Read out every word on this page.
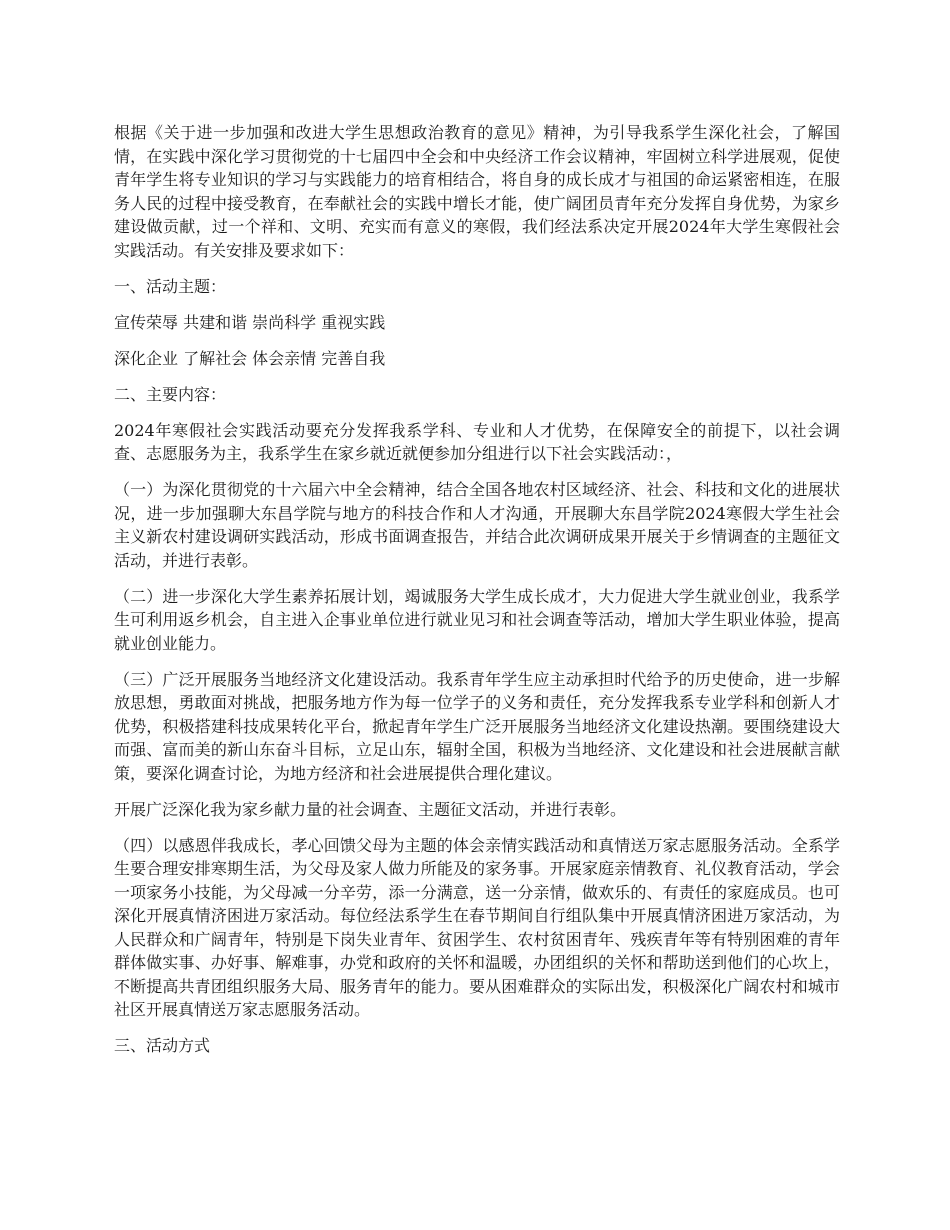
根据《关于进一步加强和改进大学生思想政治教育的意见》精神，为引导我系学生深化社会，了解国情，在实践中深化学习贯彻党的十七届四中全会和中央经济工作会议精神，牢固树立科学进展观，促使青年学生将专业知识的学习与实践能力的培育相结合，将自身的成长成才与祖国的命运紧密相连，在服务人民的过程中接受教育，在奉献社会的实践中增长才能，使广阔团员青年充分发挥自身优势，为家乡建设做贡献，过一个祥和、文明、充实而有意义的寒假，我们经法系决定开展2024年大学生寒假社会实践活动。有关安排及要求如下：

一、活动主题：

宣传荣辱 共建和谐 崇尚科学 重视实践

深化企业 了解社会 体会亲情 完善自我

二、主要内容：

2024年寒假社会实践活动要充分发挥我系学科、专业和人才优势，在保障安全的前提下，以社会调查、志愿服务为主，我系学生在家乡就近就便参加分组进行以下社会实践活动：，

（一）为深化贯彻党的十六届六中全会精神，结合全国各地农村区域经济、社会、科技和文化的进展状况，进一步加强聊大东昌学院与地方的科技合作和人才沟通，开展聊大东昌学院2024寒假大学生社会主义新农村建设调研实践活动，形成书面调查报告，并结合此次调研成果开展关于乡情调查的主题征文活动，并进行表彰。

（二）进一步深化大学生素养拓展计划，竭诚服务大学生成长成才，大力促进大学生就业创业，我系学生可利用返乡机会，自主进入企事业单位进行就业见习和社会调查等活动，增加大学生职业体验，提高就业创业能力。

（三）广泛开展服务当地经济文化建设活动。我系青年学生应主动承担时代给予的历史使命，进一步解放思想，勇敢面对挑战，把服务地方作为每一位学子的义务和责任，充分发挥我系专业学科和创新人才优势，积极搭建科技成果转化平台，掀起青年学生广泛开展服务当地经济文化建设热潮。要围绕建设大而强、富而美的新山东奋斗目标，立足山东，辐射全国，积极为当地经济、文化建设和社会进展献言献策，要深化调查讨论，为地方经济和社会进展提供合理化建议。

开展广泛深化我为家乡献力量的社会调查、主题征文活动，并进行表彰。

（四）以感恩伴我成长，孝心回馈父母为主题的体会亲情实践活动和真情送万家志愿服务活动。全系学生要合理安排寒期生活，为父母及家人做力所能及的家务事。开展家庭亲情教育、礼仪教育活动，学会一项家务小技能，为父母减一分辛劳，添一分满意，送一分亲情，做欢乐的、有责任的家庭成员。也可深化开展真情济困进万家活动。每位经法系学生在春节期间自行组队集中开展真情济困进万家活动，为人民群众和广阔青年，特别是下岗失业青年、贫困学生、农村贫困青年、残疾青年等有特别困难的青年群体做实事、办好事、解难事，办党和政府的关怀和温暖，办团组织的关怀和帮助送到他们的心坎上，不断提高共青团组织服务大局、服务青年的能力。要从困难群众的实际出发，积极深化广阔农村和城市社区开展真情送万家志愿服务活动。

三、活动方式
